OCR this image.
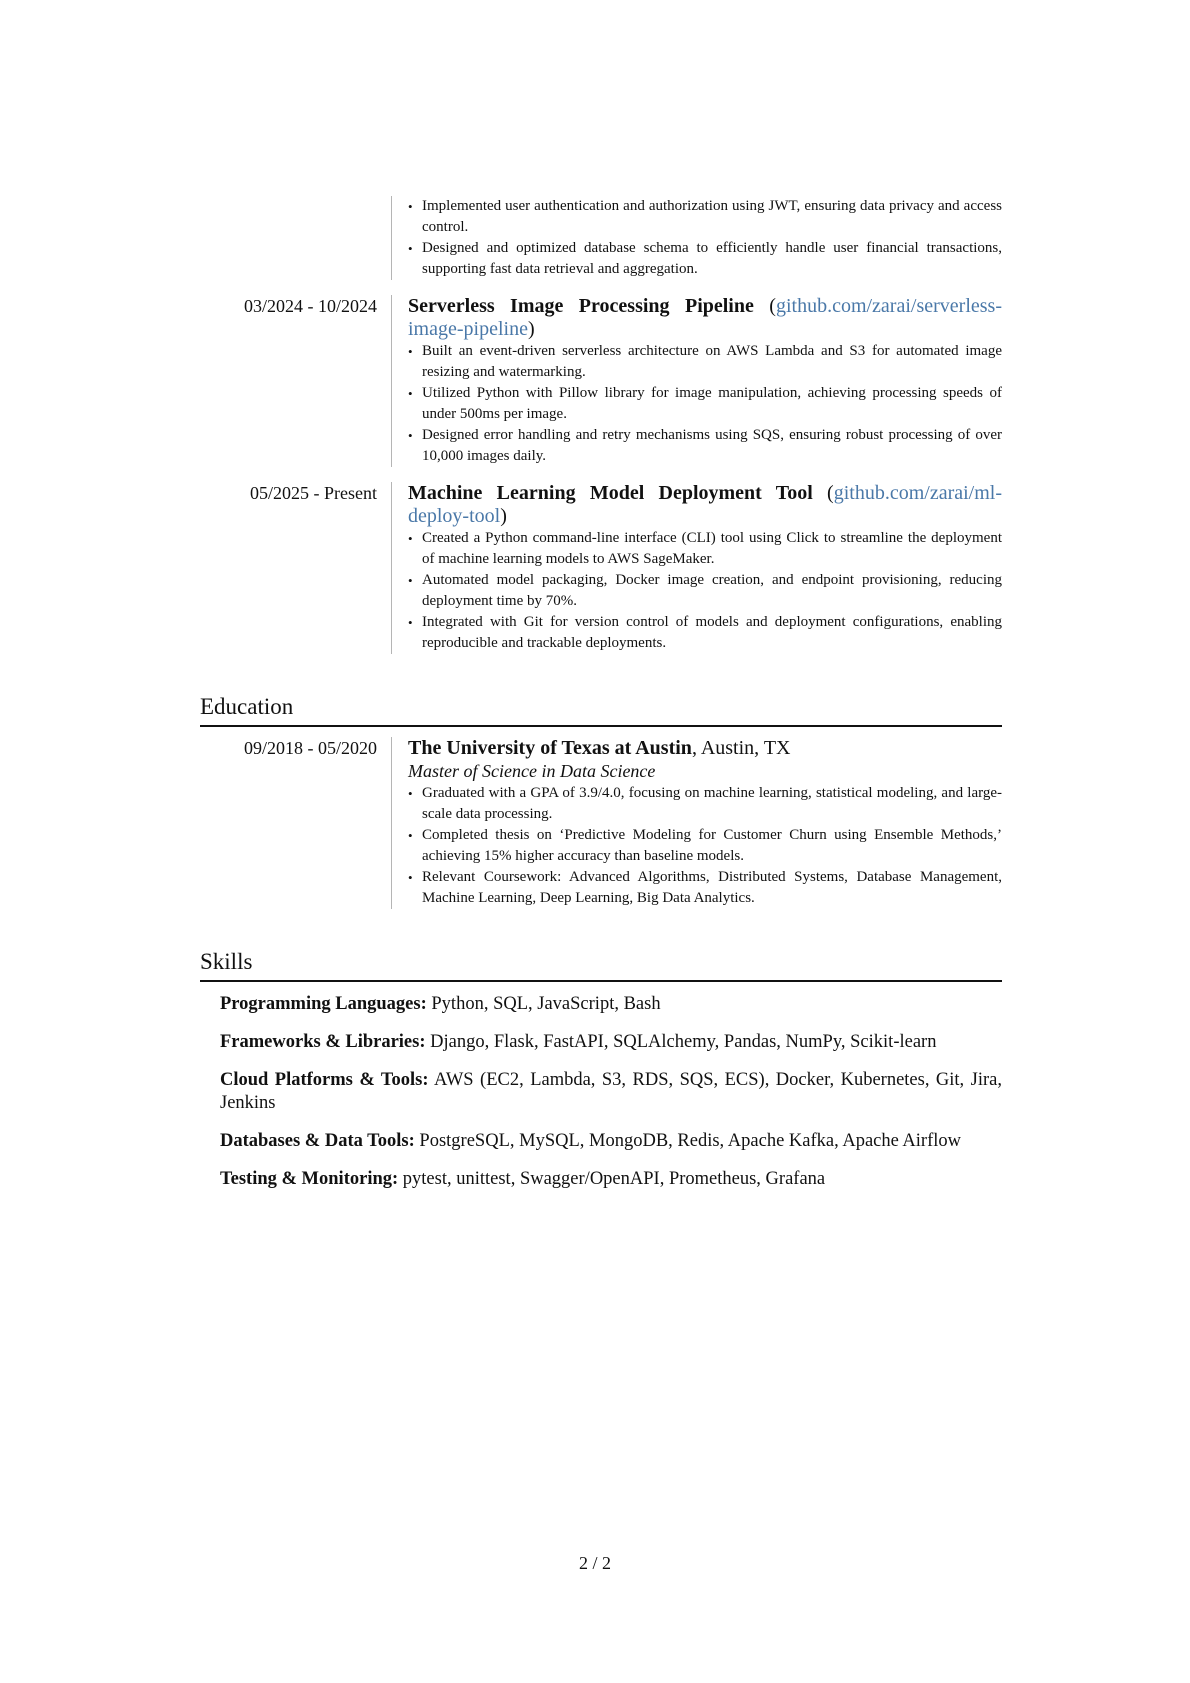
• Implemented user authentication and authorization using JWT, ensuring data privacy and access control.
• Designed and optimized database schema to efficiently handle user financial transactions, supporting fast data retrieval and aggregation.
03/2024 - 10/2024 Serverless Image Processing Pipeline (github.com/zarai/serverless-image-pipeline)
• Built an event-driven serverless architecture on AWS Lambda and S3 for automated image resizing and watermarking.
• Utilized Python with Pillow library for image manipulation, achieving processing speeds of under 500ms per image.
• Designed error handling and retry mechanisms using SQS, ensuring robust processing of over 10,000 images daily.
05/2025 - Present Machine Learning Model Deployment Tool (github.com/zarai/ml-deploy-tool)
• Created a Python command-line interface (CLI) tool using Click to streamline the deployment of machine learning models to AWS SageMaker.
• Automated model packaging, Docker image creation, and endpoint provisioning, reducing deployment time by 70%.
• Integrated with Git for version control of models and deployment configurations, enabling reproducible and trackable deployments.
Education
09/2018 - 05/2020 The University of Texas at Austin, Austin, TX
Master of Science in Data Science
• Graduated with a GPA of 3.9/4.0, focusing on machine learning, statistical modeling, and large-scale data processing.
• Completed thesis on ‘Predictive Modeling for Customer Churn using Ensemble Methods,’ achieving 15% higher accuracy than baseline models.
• Relevant Coursework: Advanced Algorithms, Distributed Systems, Database Management, Machine Learning, Deep Learning, Big Data Analytics.
Skills
Programming Languages: Python, SQL, JavaScript, Bash
Frameworks & Libraries: Django, Flask, FastAPI, SQLAlchemy, Pandas, NumPy, Scikit-learn
Cloud Platforms & Tools: AWS (EC2, Lambda, S3, RDS, SQS, ECS), Docker, Kubernetes, Git, Jira, Jenkins
Databases & Data Tools: PostgreSQL, MySQL, MongoDB, Redis, Apache Kafka, Apache Airflow
Testing & Monitoring: pytest, unittest, Swagger/OpenAPI, Prometheus, Grafana
2 / 2
